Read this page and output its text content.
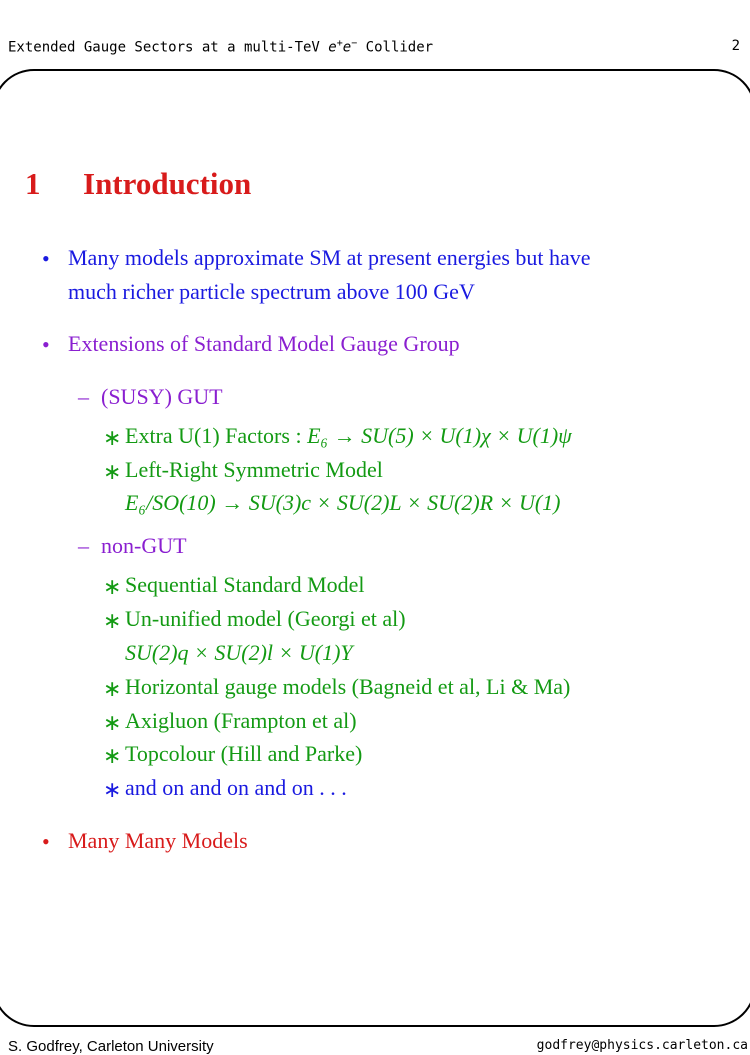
Extended Gauge Sectors at a multi-TeV e+e− Collider	2
1 Introduction
• Many models approximate SM at present energies but have
much richer particle spectrum above 100 GeV
• Extensions of Standard Model Gauge Group
– (SUSY) GUT
∗ Extra U(1) Factors : E₆ → SU(5) × U(1)χ × U(1)ψ
∗ Left-Right Symmetric Model
E₆/SO(10) → SU(3)c × SU(2)L × SU(2)R × U(1)
– non-GUT
∗ Sequential Standard Model
∗ Un-unified model (Georgi et al)
SU(2)q × SU(2)l × U(1)Y
∗ Horizontal gauge models (Bagneid et al, Li & Ma)
∗ Axigluon (Frampton et al)
∗ Topcolour (Hill and Parke)
∗ and on and on and on . . .
• Many Many Models
S. Godfrey, Carleton University	godfrey@physics.carleton.ca
